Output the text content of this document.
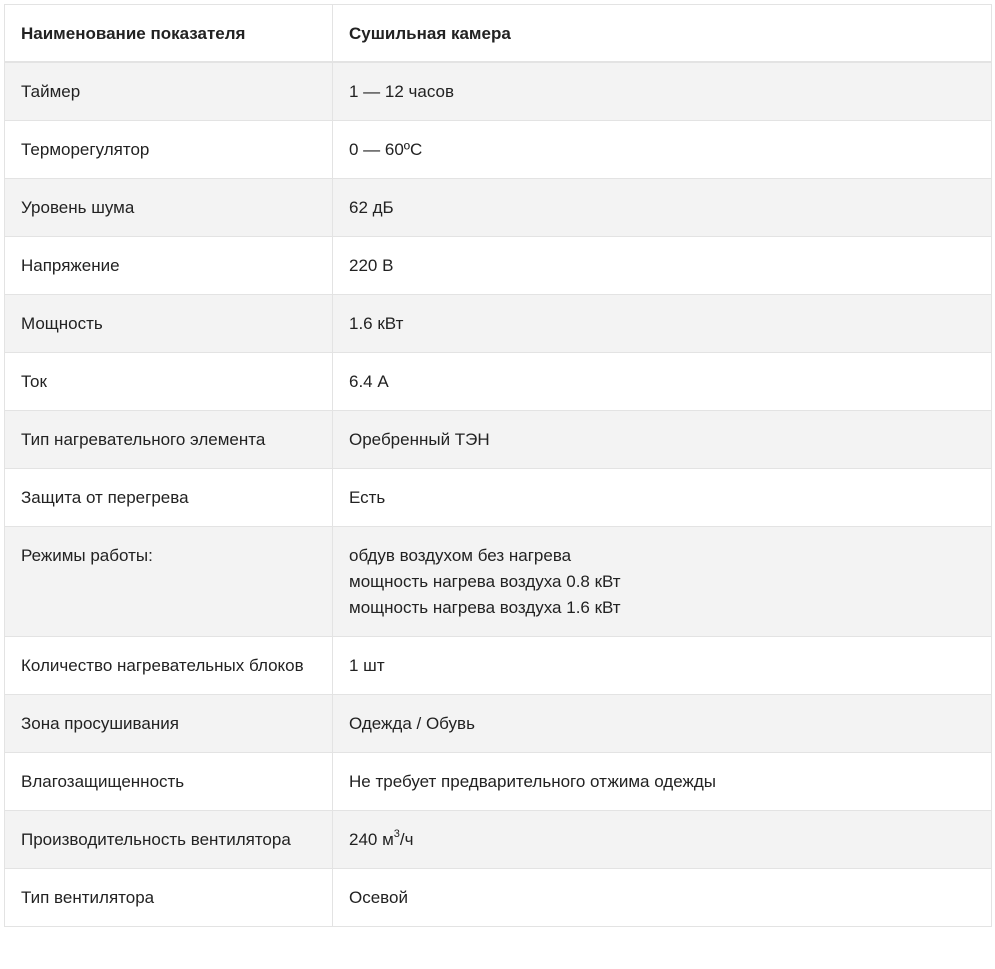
Наименование показателя	Сушильная камера
Таймер	1 — 12 часов
Терморегулятор	0 — 60ºC
Уровень шума	62 дБ
Напряжение	220 В
Мощность	1.6 кВт
Ток	6.4 А
Тип нагревательного элемента	Оребренный ТЭН
Защита от перегрева	Есть
Режимы работы:	обдув воздухом без нагрева
мощность нагрева воздуха 0.8 кВт
мощность нагрева воздуха 1.6 кВт

Количество нагревательных блоков	1 шт
Зона просушивания	Одежда / Обувь
Влагозащищенность	Не требует предварительного отжима одежды
Производительность вентилятора	240 $м^3/ч$
Тип вентилятора	Осевой
